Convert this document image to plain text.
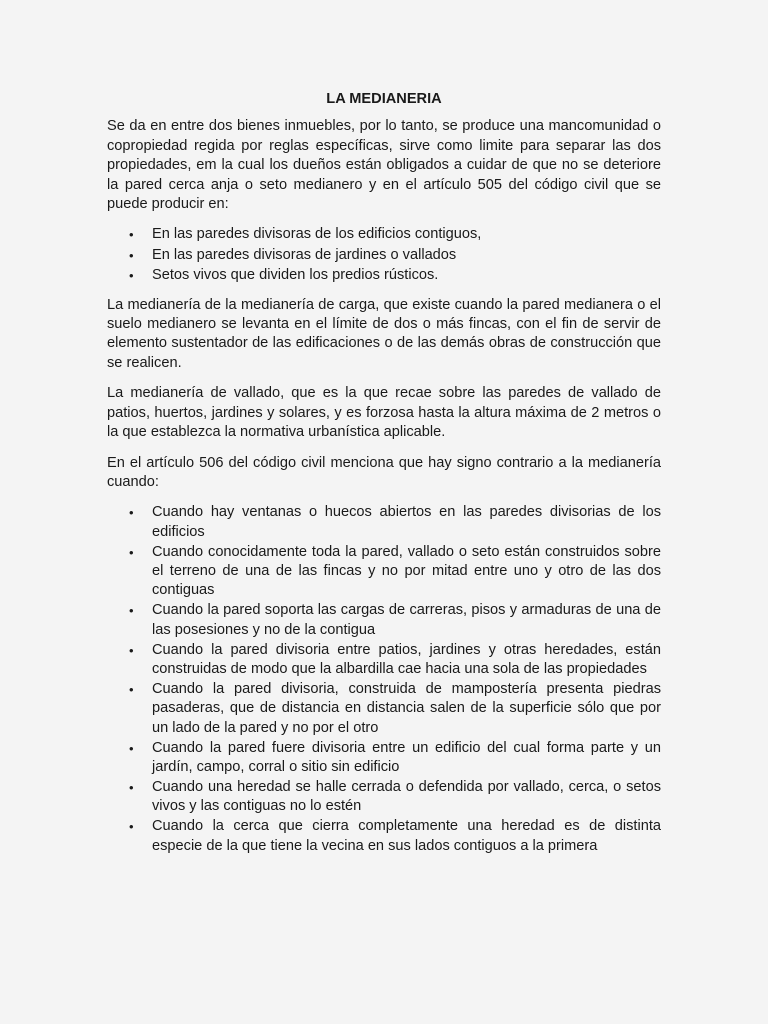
LA MEDIANERIA

Se da en entre dos bienes inmuebles, por lo tanto, se produce una mancomunidad o copropiedad regida por reglas específicas, sirve como limite para separar las dos propiedades, em la cual los dueños están obligados a cuidar de que no se deteriore la pared cerca anja o seto medianero y en el artículo 505 del código civil que se puede producir en:

• En las paredes divisoras de los edificios contiguos,
• En las paredes divisoras de jardines o vallados
• Setos vivos que dividen los predios rústicos.

La medianería de la medianería de carga, que existe cuando la pared medianera o el suelo medianero se levanta en el límite de dos o más fincas, con el fin de servir de elemento sustentador de las edificaciones o de las demás obras de construcción que se realicen.

La medianería de vallado, que es la que recae sobre las paredes de vallado de patios, huertos, jardines y solares, y es forzosa hasta la altura máxima de 2 metros o la que establezca la normativa urbanística aplicable.

En el artículo 506 del código civil menciona que hay signo contrario a la medianería cuando:

• Cuando hay ventanas o huecos abiertos en las paredes divisorias de los edificios
• Cuando conocidamente toda la pared, vallado o seto están construidos sobre el terreno de una de las fincas y no por mitad entre uno y otro de las dos contiguas
• Cuando la pared soporta las cargas de carreras, pisos y armaduras de una de las posesiones y no de la contigua
• Cuando la pared divisoria entre patios, jardines y otras heredades, están construidas de modo que la albardilla cae hacia una sola de las propiedades
• Cuando la pared divisoria, construida de mampostería presenta piedras pasaderas, que de distancia en distancia salen de la superficie sólo que por un lado de la pared y no por el otro
• Cuando la pared fuere divisoria entre un edificio del cual forma parte y un jardín, campo, corral o sitio sin edificio
• Cuando una heredad se halle cerrada o defendida por vallado, cerca, o setos vivos y las contiguas no lo estén
• Cuando la cerca que cierra completamente una heredad es de distinta especie de la que tiene la vecina en sus lados contiguos a la primera
